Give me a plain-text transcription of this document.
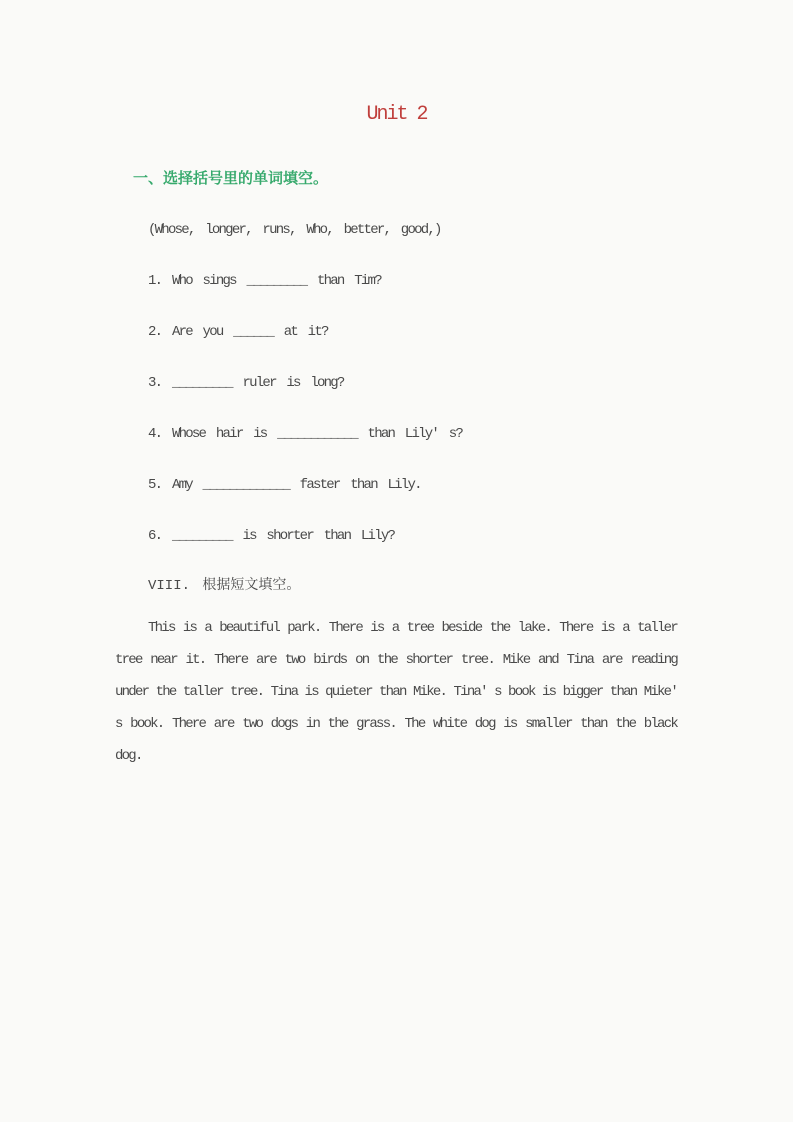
Unit 2
一、选择括号里的单词填空。
(Whose, longer, runs, Who, better, good,)
1. Who sings _________ than Tim?
2. Are you ______ at it?
3. _________ ruler is long?
4. Whose hair is ____________ than Lily' s?
5. Amy _____________ faster than Lily.
6. _________ is shorter than Lily?
VIII. 根据短文填空。
This is a beautiful park. There is a tree beside the lake. There is a taller
tree near it. There are two birds on the shorter tree. Mike and Tina are reading
under the taller tree. Tina is quieter than Mike. Tina' s book is bigger than Mike'
s book. There are two dogs in the grass. The white dog is smaller than the black
dog.
